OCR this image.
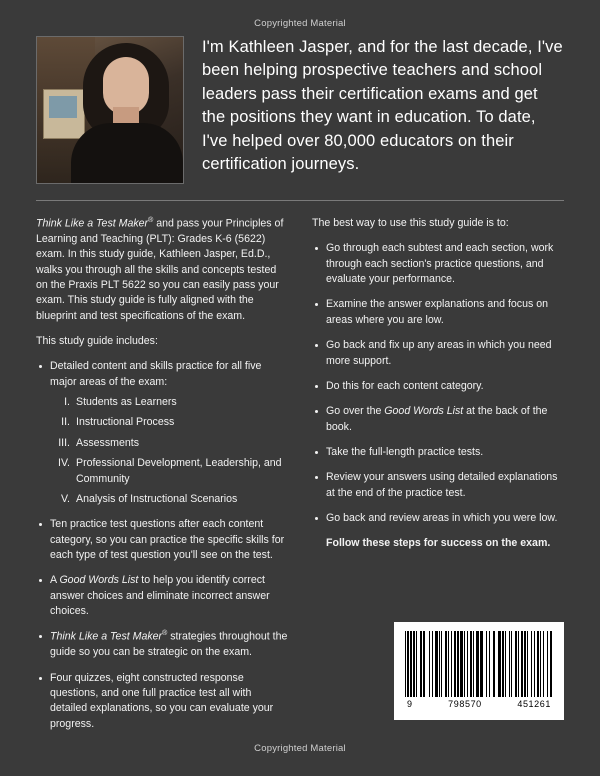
Copyrighted Material
I'm Kathleen Jasper, and for the last decade, I've been helping prospective teachers and school leaders pass their certification exams and get the positions they want in education. To date, I've helped over 80,000 educators on their certification journeys.

Think Like a Test Maker® and pass your Principles of Learning and Teaching (PLT): Grades K-6 (5622) exam. In this study guide, Kathleen Jasper, Ed.D., walks you through all the skills and concepts tested on the Praxis PLT 5622 so you can easily pass your exam. This study guide is fully aligned with the blueprint and test specifications of the exam.

This study guide includes:

Detailed content and skills practice for all five major areas of the exam:
I. Students as Learners
II. Instructional Process
III. Assessments
IV. Professional Development, Leadership, and Community
V. Analysis of Instructional Scenarios
Ten practice test questions after each content category, so you can practice the specific skills for each type of test question you'll see on the test.
A Good Words List to help you identify correct answer choices and eliminate incorrect answer choices.
Think Like a Test Maker® strategies throughout the guide so you can be strategic on the exam.
Four quizzes, eight constructed response questions, and one full practice test all with detailed explanations, so you can evaluate your progress.

The best way to use this study guide is to:

Go through each subtest and each section, work through each section's practice questions, and evaluate your performance.
Examine the answer explanations and focus on areas where you are low.
Go back and fix up any areas in which you need more support.
Do this for each content category.
Go over the Good Words List at the back of the book.
Take the full-length practice tests.
Review your answers using detailed explanations at the end of the practice test.
Go back and review areas in which you were low.
Follow these steps for success on the exam.
9	798570	451261
Copyrighted Material
